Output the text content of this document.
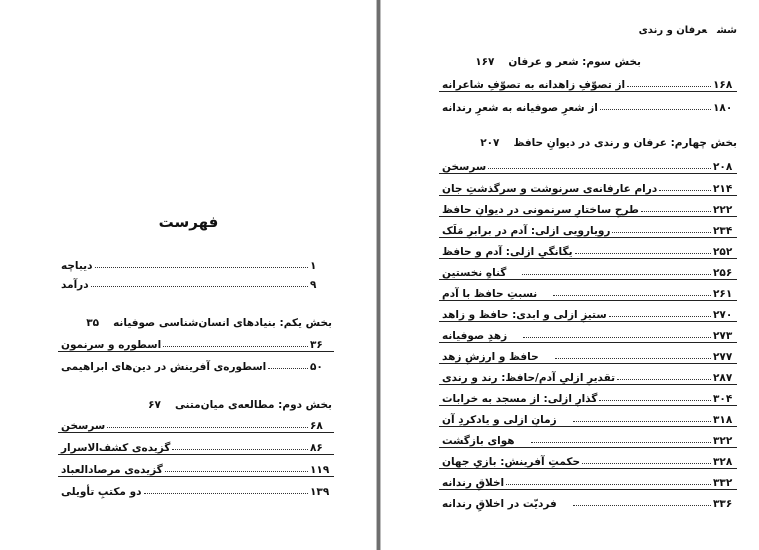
فهرست
دیباچه	۱
درآمد	۹
بخش یکم: بنیادهای انسان‌شناسی صوفیانه۳۵
اسطوره و سرنمون	۳۶
اسطوره‌ی آفرینش در دین‌های ابراهیمی	۵۰
بخش دوم: مطالعه‌ی میان‌متنی۶۷
سرسخن	۶۸
گزیده‌ی کشف‌الاسرار	۸۶
گزیده‌ی مرصادالعباد	۱۱۹
دو مکتبِ تأویلی	۱۳۹
ششعرفان و رندی
بخش سوم: شعر و عرفان۱۶۷
از تصوّفِ زاهدانه به تصوّفِ شاعرانه	۱۶۸
از شعرِ صوفیانه به شعرِ رندانه	۱۸۰
بخش چهارم: عرفان و رندی در دیوانِ حافظ۲۰۷
سرسخن	۲۰۸
درام عارفانه‌ی سرنوشت و سرگذشتِ جان	۲۱۴
طرحِ ساختارِ سرنمونی در دیوانِ حافظ	۲۲۲
رویارویی ازلی: آدم در برابرِ مَلَک	۲۳۴
یگانگیِ ازلی: آدم و حافظ	۲۵۲
گناهِ نخستین	۲۵۶
نسبتِ حافظ با آدم	۲۶۱
ستیزِ ازلی و ابدی: حافظ و زاهد	۲۷۰
زهدِ صوفیانه	۲۷۳
حافظ و ارزشِ زهد	۲۷۷
تقدیرِ ازلیِ آدم/حافظ: رند و رندی	۲۸۷
گذارِ ازلی: از مسجد به خرابات	۳۰۴
زمانِ ازلی و یادکردِ آن	۳۱۸
هوای بازگشت	۳۲۲
حکمتِ آفرینش: بازیِ جهان	۳۲۸
اخلاقِ رندانه	۳۳۲
فردیّت در اخلاقِ رندانه	۳۳۶
